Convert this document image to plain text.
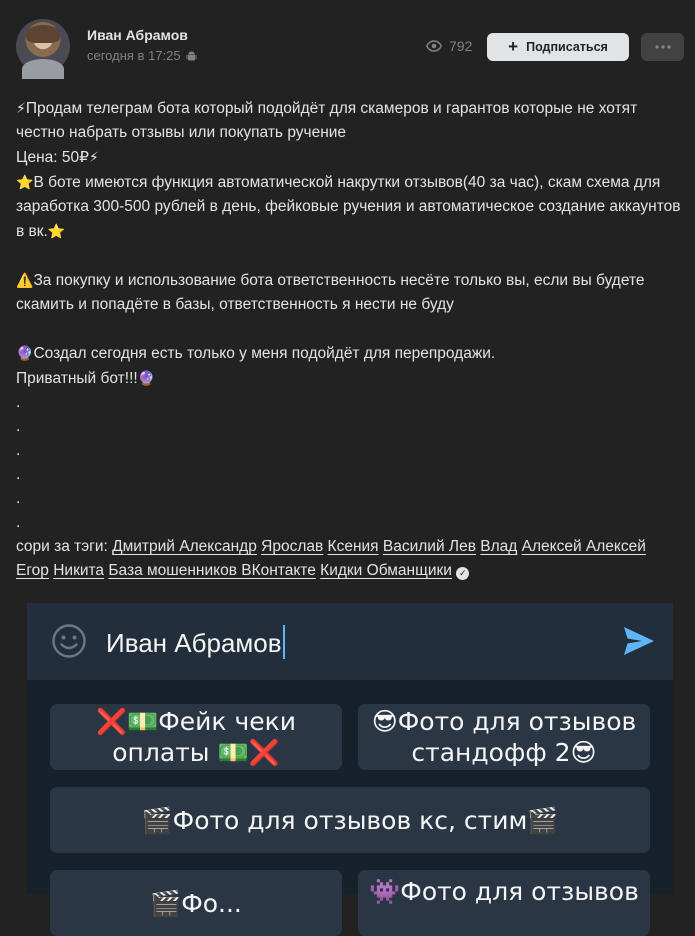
Иван Абрамов
сегодня в 17:25
792 + Подписаться

⚡Продам телеграм бота который подойдёт для скамеров и гарантов которые не хотят честно набрать отзывы или покупать ручение

Цена: 50₽⚡

⭐В боте имеются функция автоматической накрутки отзывов(40 за час), скам схема для заработка 300-500 рублей в день, фейковые ручения и автоматическое создание аккаунтов в вк.⭐

⚠️За покупку и использование бота ответственность несёте только вы, если вы будете скамить и попадёте в базы, ответственность я нести не буду

🔮Создал сегодня есть только у меня подойдёт для перепродажи.

Приватный бот!!!🔮

.

.

.

.

.

.

сори за тэги: Дмитрий Александр Ярослав Ксения Василий Лев Влад Алексей Алексей Егор Никита База мошенников ВКонтакте Кидки Обманщики ✓

Иван Абрамов
❌💵Фейк чеки оплаты 💵❌
😎Фото для отзывов стандофф 2😎
🎬Фото для отзывов кс, стим🎬
🎬Фо...	👾Фото для отзывов
